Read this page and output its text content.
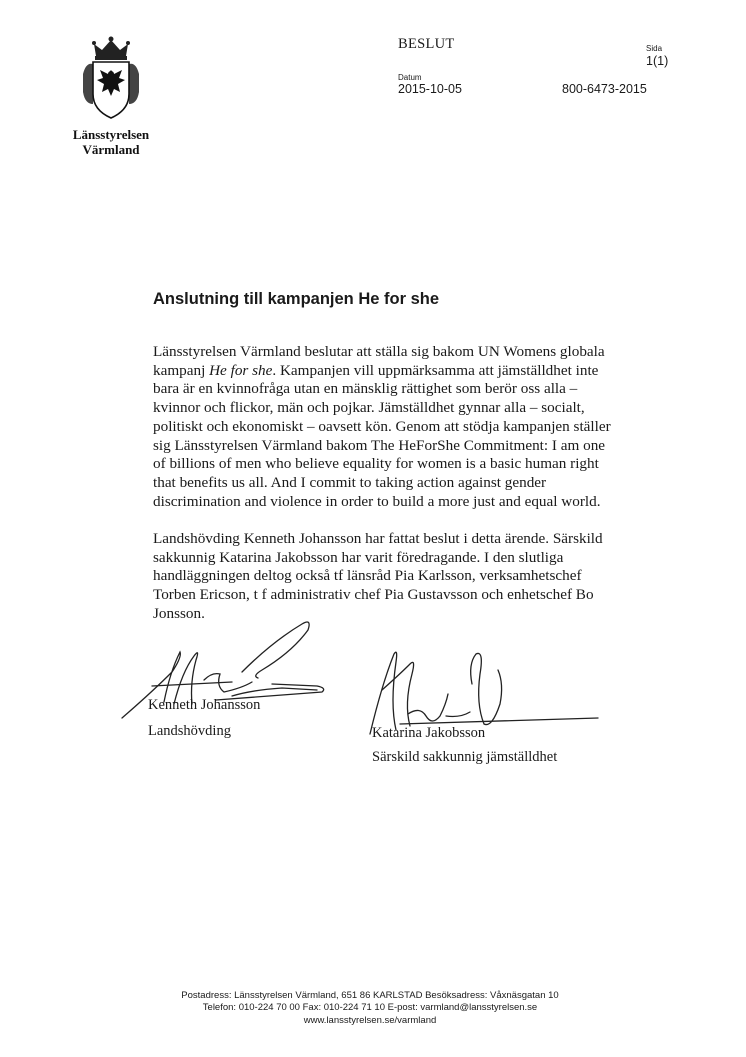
Länsstyrelsen
Värmland
BESLUT
Datum
2015-10-05	800-6473-2015
Sida
1(1)
Anslutning till kampanjen He for she

Länsstyrelsen Värmland beslutar att ställa sig bakom UN Womens globala
kampanj He for she. Kampanjen vill uppmärksamma att jämställdhet inte
bara är en kvinnofråga utan en mänsklig rättighet som berör oss alla –
kvinnor och flickor, män och pojkar. Jämställdhet gynnar alla – socialt,
politiskt och ekonomiskt – oavsett kön. Genom att stödja kampanjen ställer
sig Länsstyrelsen Värmland bakom The HeForShe Commitment: I am one
of billions of men who believe equality for women is a basic human right
that benefits us all. And I commit to taking action against gender
discrimination and violence in order to build a more just and equal world.

Landshövding Kenneth Johansson har fattat beslut i detta ärende. Särskild
sakkunnig Katarina Jakobsson har varit föredragande. I den slutliga
handläggningen deltog också tf länsråd Pia Karlsson, verksamhetschef
Torben Ericson, t f administrativ chef Pia Gustavsson och enhetschef Bo
Jonsson.

Kenneth Johansson
Landshövding	Katarina Jakobsson
Särskild sakkunnig jämställdhet
Postadress: Länsstyrelsen Värmland, 651 86 KARLSTAD Besöksadress: Våxnäsgatan 10
Telefon: 010-224 70 00 Fax: 010-224 71 10 E-post: varmland@lansstyrelsen.se
www.lansstyrelsen.se/varmland
